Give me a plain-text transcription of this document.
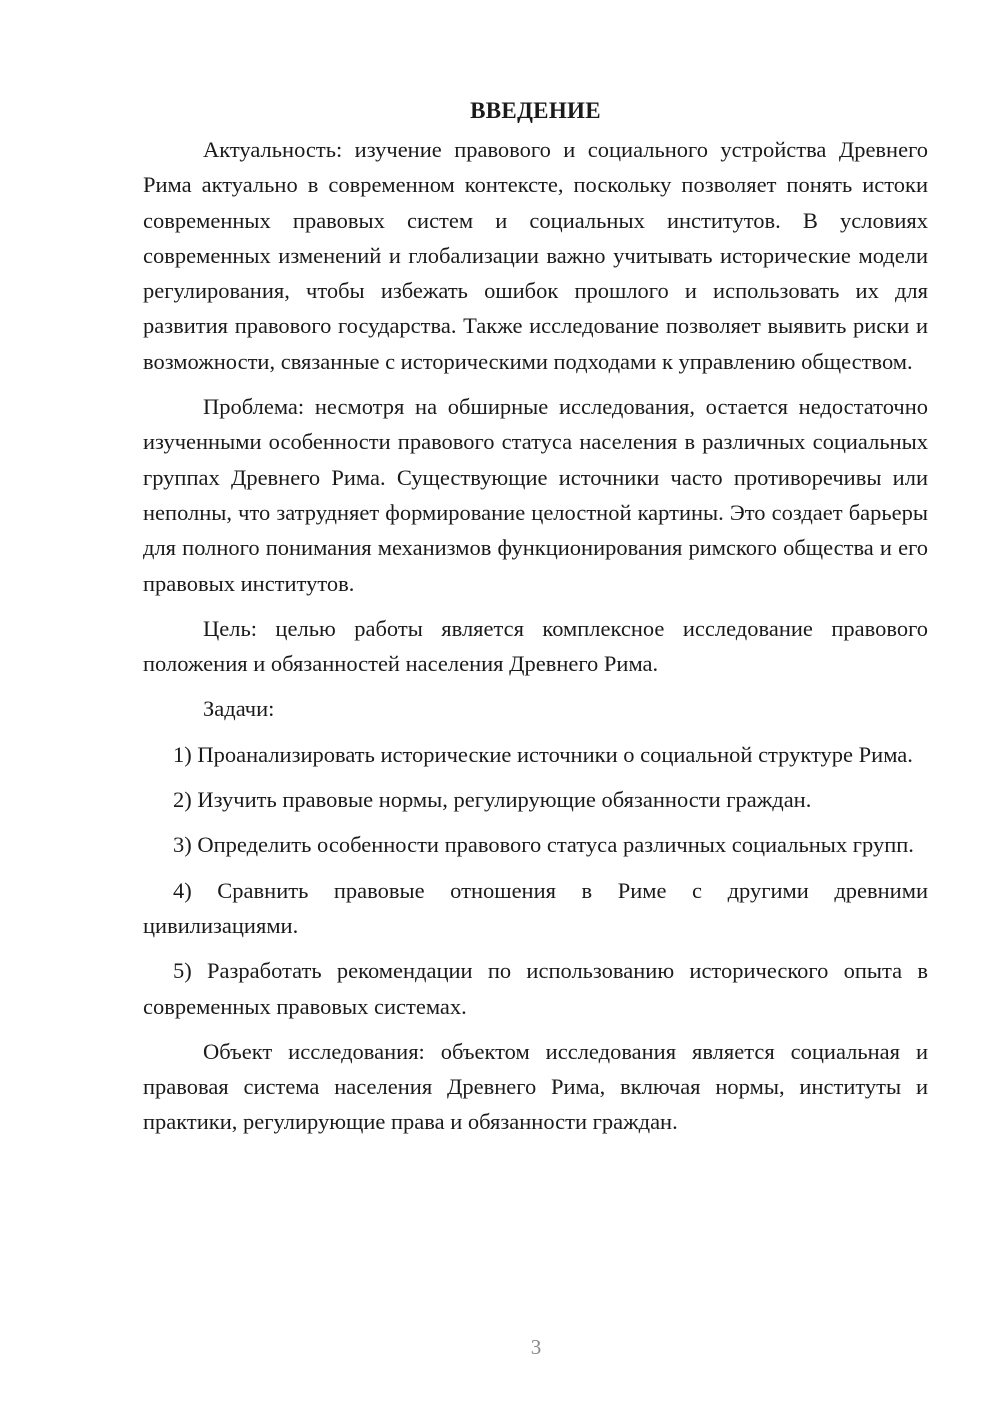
ВВЕДЕНИЕ

Актуальность: изучение правового и социального устройства Древнего Рима актуально в современном контексте, поскольку позволяет понять истоки современных правовых систем и социальных институтов. В условиях современных изменений и глобализации важно учитывать исторические модели регулирования, чтобы избежать ошибок прошлого и использовать их для развития правового государства. Также исследование позволяет выявить риски и возможности, связанные с историческими подходами к управлению обществом.

Проблема: несмотря на обширные исследования, остается недостаточно изученными особенности правового статуса населения в различных социальных группах Древнего Рима. Существующие источники часто противоречивы или неполны, что затрудняет формирование целостной картины. Это создает барьеры для полного понимания механизмов функционирования римского общества и его правовых институтов.

Цель: целью работы является комплексное исследование правового положения и обязанностей населения Древнего Рима.

Задачи:

1) Проанализировать исторические источники о социальной структуре Рима.

2) Изучить правовые нормы, регулирующие обязанности граждан.

3) Определить особенности правового статуса различных социальных групп.

4) Сравнить правовые отношения в Риме с другими древними цивилизациями.

5) Разработать рекомендации по использованию исторического опыта в современных правовых системах.

Объект исследования: объектом исследования является социальная и правовая система населения Древнего Рима, включая нормы, институты и практики, регулирующие права и обязанности граждан.

3
